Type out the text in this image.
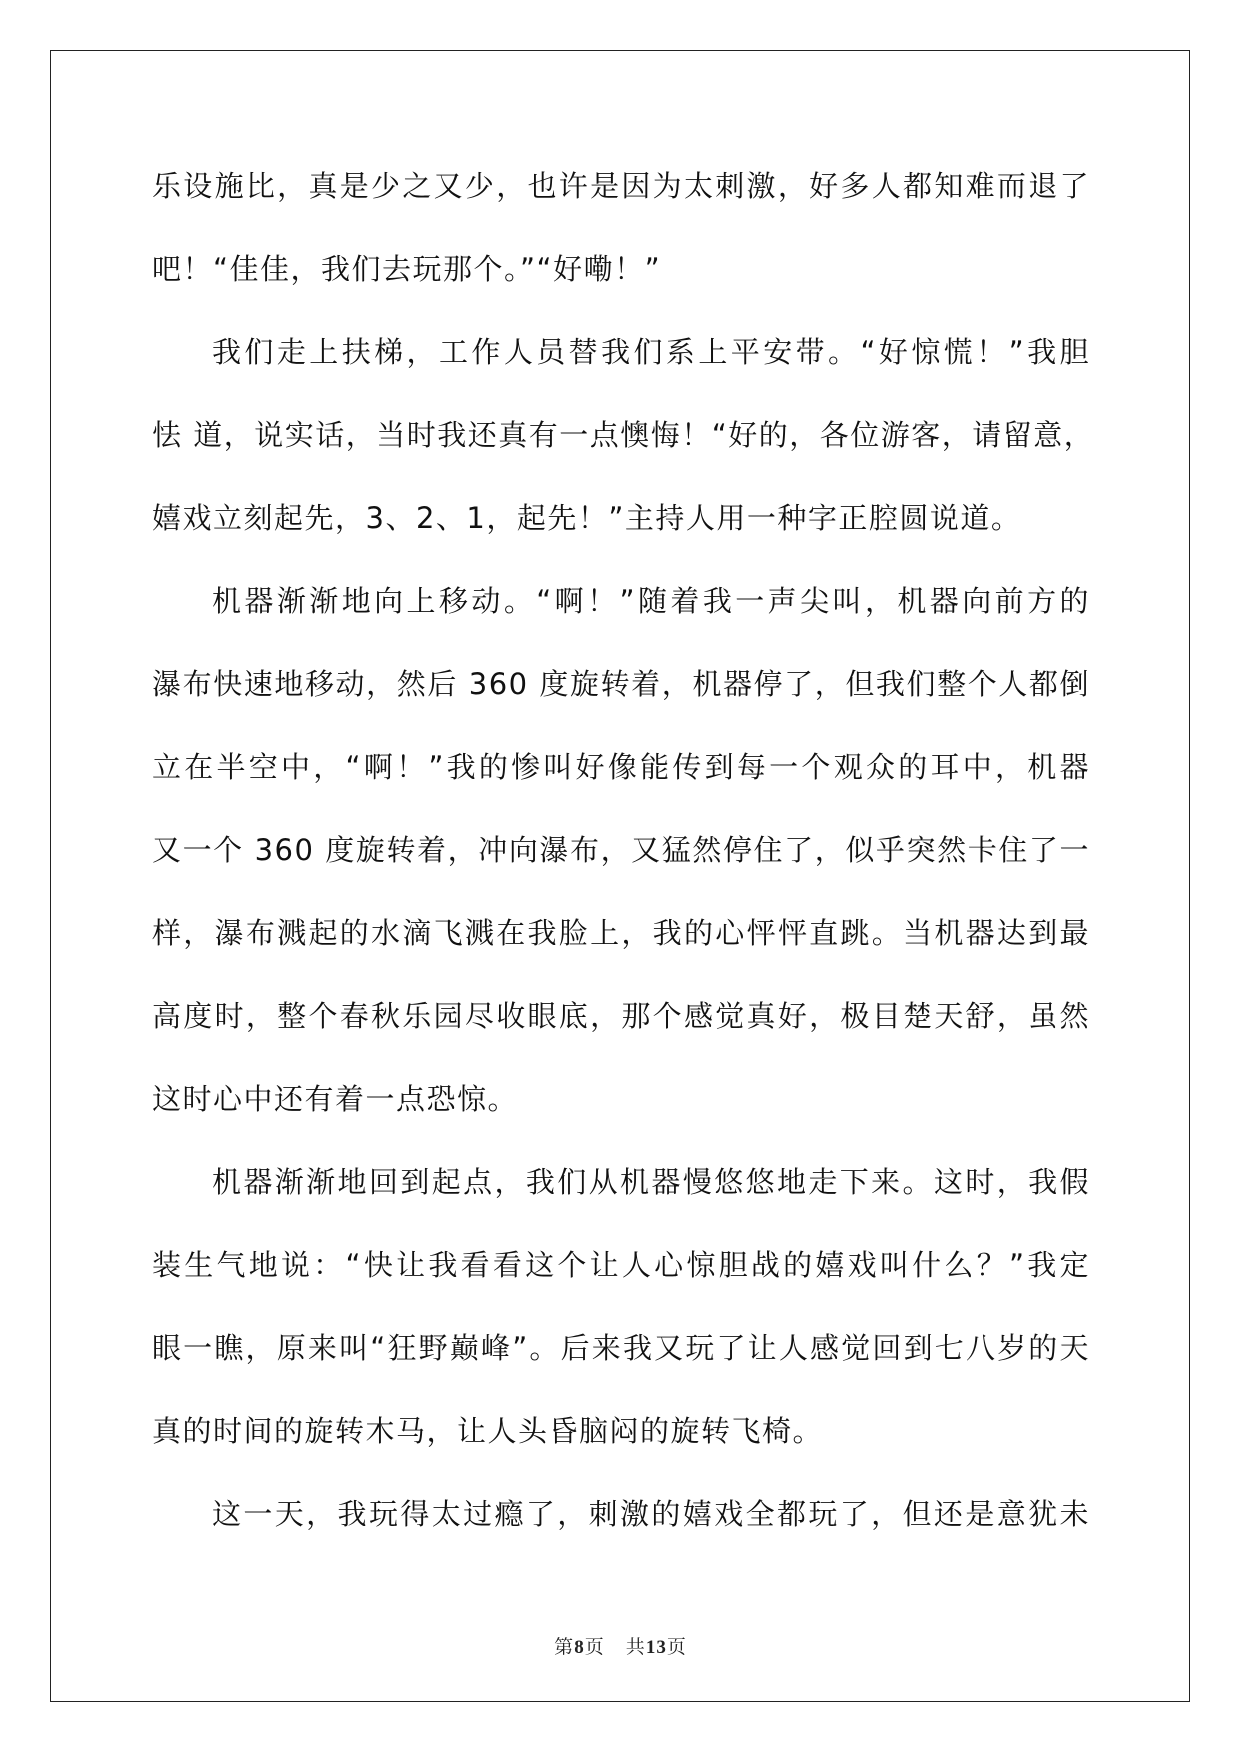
乐设施比，真是少之又少，也许是因为太刺激，好多人都知难而退了
吧！“佳佳，我们去玩那个。”“好嘞！”
我们走上扶梯，工作人员替我们系上平安带。“好惊慌！”我胆
怯 道，说实话，当时我还真有一点懊悔！“好的，各位游客，请留意，
嬉戏立刻起先，3、2、1，起先！”主持人用一种字正腔圆说道。
机器渐渐地向上移动。“啊！”随着我一声尖叫，机器向前方的
瀑布快速地移动，然后 360 度旋转着，机器停了，但我们整个人都倒
立在半空中，“啊！”我的惨叫好像能传到每一个观众的耳中，机器
又一个 360 度旋转着，冲向瀑布，又猛然停住了，似乎突然卡住了一
样，瀑布溅起的水滴飞溅在我脸上，我的心怦怦直跳。当机器达到最
高度时，整个春秋乐园尽收眼底，那个感觉真好，极目楚天舒，虽然
这时心中还有着一点恐惊。
机器渐渐地回到起点，我们从机器慢悠悠地走下来。这时，我假
装生气地说：“快让我看看这个让人心惊胆战的嬉戏叫什么？”我定
眼一瞧，原来叫“狂野巅峰”。后来我又玩了让人感觉回到七八岁的天
真的时间的旋转木马，让人头昏脑闷的旋转飞椅。
这一天，我玩得太过瘾了，刺激的嬉戏全都玩了，但还是意犹未
第8页   共13页
